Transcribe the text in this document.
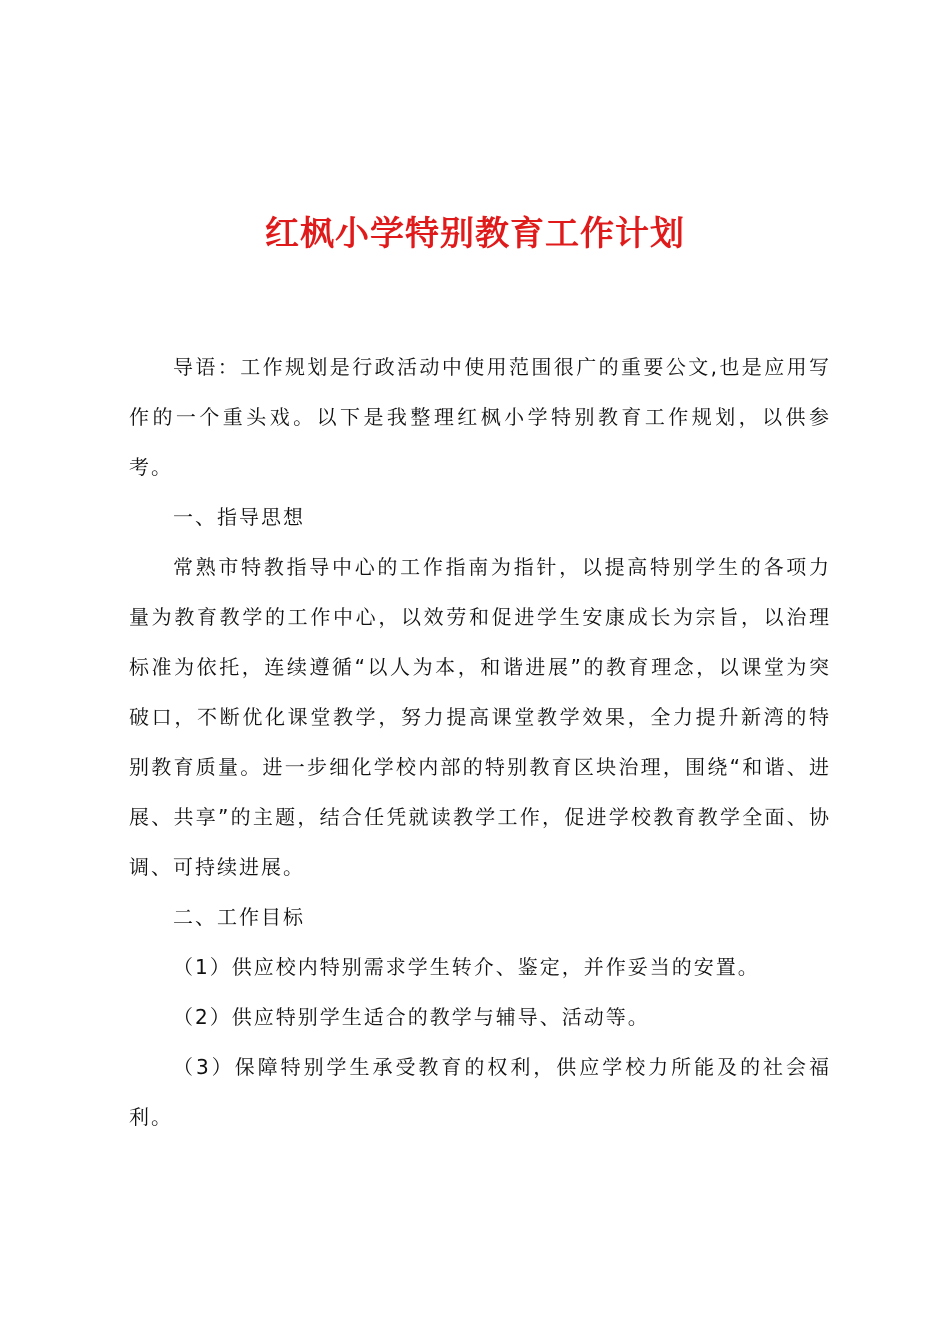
红枫小学特别教育工作计划

导语：工作规划是行政活动中使用范围很广的重要公文,也是应用写作的一个重头戏。以下是我整理红枫小学特别教育工作规划，以供参考。

一、指导思想

常熟市特教指导中心的工作指南为指针，以提高特别学生的各项力量为教育教学的工作中心，以效劳和促进学生安康成长为宗旨，以治理标准为依托，连续遵循“以人为本，和谐进展”的教育理念，以课堂为突破口，不断优化课堂教学，努力提高课堂教学效果，全力提升新湾的特别教育质量。进一步细化学校内部的特别教育区块治理，围绕“和谐、进展、共享”的主题，结合任凭就读教学工作，促进学校教育教学全面、协调、可持续进展。

二、工作目标

（1）供应校内特别需求学生转介、鉴定，并作妥当的安置。

（2）供应特别学生适合的教学与辅导、活动等。

（3）保障特别学生承受教育的权利，供应学校力所能及的社会福利。
